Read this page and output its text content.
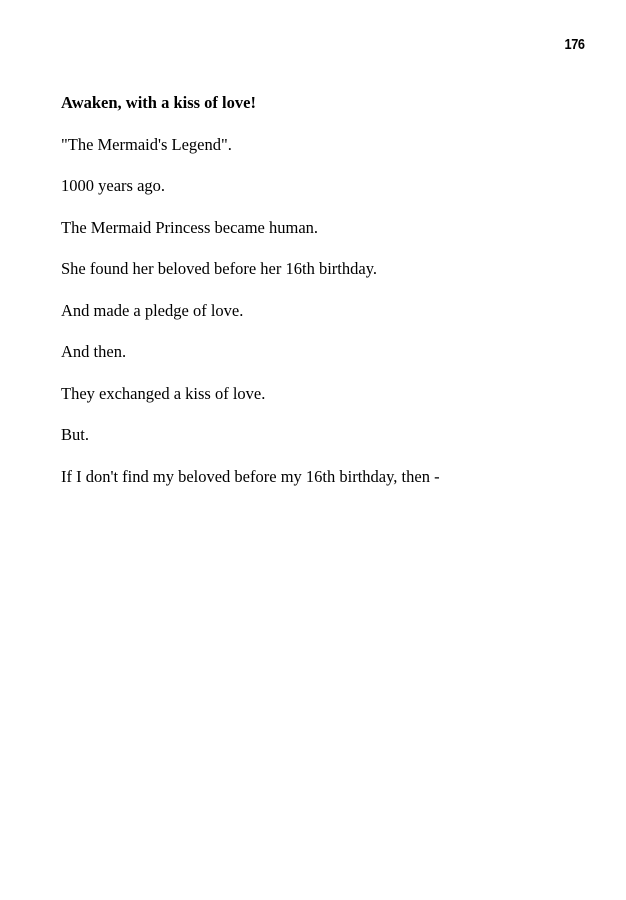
176

Awaken, with a kiss of love!

"The Mermaid's Legend".

1000 years ago.

The Mermaid Princess became human.

She found her beloved before her 16th birthday.

And made a pledge of love.

And then.

They exchanged a kiss of love.

But.

If I don't find my beloved before my 16th birthday, then -
